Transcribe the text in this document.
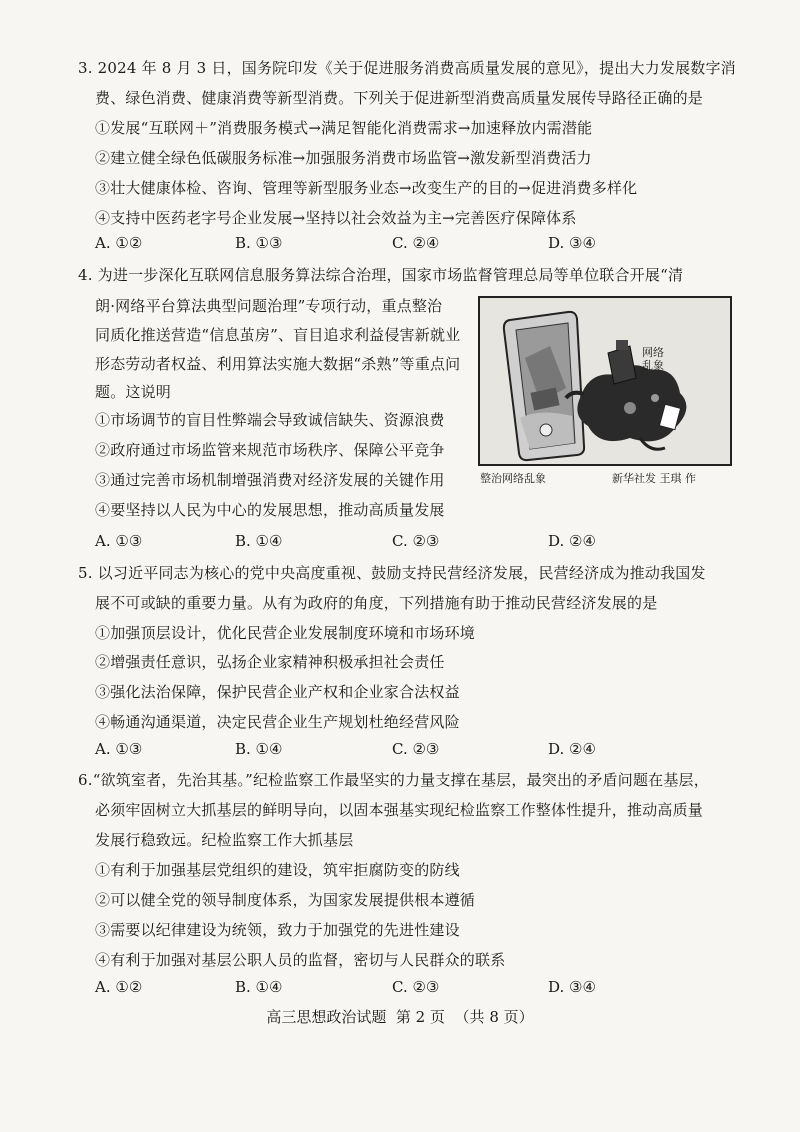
3. 2024 年 8 月 3 日，国务院印发《关于促进服务消费高质量发展的意见》，提出大力发展数字消
费、绿色消费、健康消费等新型消费。下列关于促进新型消费高质量发展传导路径正确的是
①发展“互联网＋”消费服务模式→满足智能化消费需求→加速释放内需潜能
②建立健全绿色低碳服务标准→加强服务消费市场监管→激发新型消费活力
③壮大健康体检、咨询、管理等新型服务业态→改变生产的目的→促进消费多样化
④支持中医药老字号企业发展→坚持以社会效益为主→完善医疗保障体系
A. ①②	B. ①③	C. ②④	D. ③④
4. 为进一步深化互联网信息服务算法综合治理，国家市场监督管理总局等单位联合开展“清
朗·网络平台算法典型问题治理”专项行动，重点整治
同质化推送营造“信息茧房”、盲目追求利益侵害新就业
形态劳动者权益、利用算法实施大数据“杀熟”等重点问
题。这说明
①市场调节的盲目性弊端会导致诚信缺失、资源浪费
②政府通过市场监管来规范市场秩序、保障公平竞争
③通过完善市场机制增强消费对经济发展的关键作用
④要坚持以人民为中心的发展思想，推动高质量发展
A. ①③	B. ①④	C. ②③	D. ②④
网络
乱象
整治网络乱象	新华社发 王琪 作
5. 以习近平同志为核心的党中央高度重视、鼓励支持民营经济发展，民营经济成为推动我国发
展不可或缺的重要力量。从有为政府的角度，下列措施有助于推动民营经济发展的是
①加强顶层设计，优化民营企业发展制度环境和市场环境
②增强责任意识，弘扬企业家精神积极承担社会责任
③强化法治保障，保护民营企业产权和企业家合法权益
④畅通沟通渠道，决定民营企业生产规划杜绝经营风险
A. ①③	B. ①④	C. ②③	D. ②④
6.“欲筑室者，先治其基。”纪检监察工作最坚实的力量支撑在基层，最突出的矛盾问题在基层，
必须牢固树立大抓基层的鲜明导向，以固本强基实现纪检监察工作整体性提升，推动高质量
发展行稳致远。纪检监察工作大抓基层
①有利于加强基层党组织的建设，筑牢拒腐防变的防线
②可以健全党的领导制度体系，为国家发展提供根本遵循
③需要以纪律建设为统领，致力于加强党的先进性建设
④有利于加强对基层公职人员的监督，密切与人民群众的联系
A. ①②	B. ①④	C. ②③	D. ③④
高三思想政治试题 第 2 页 （共 8 页）
